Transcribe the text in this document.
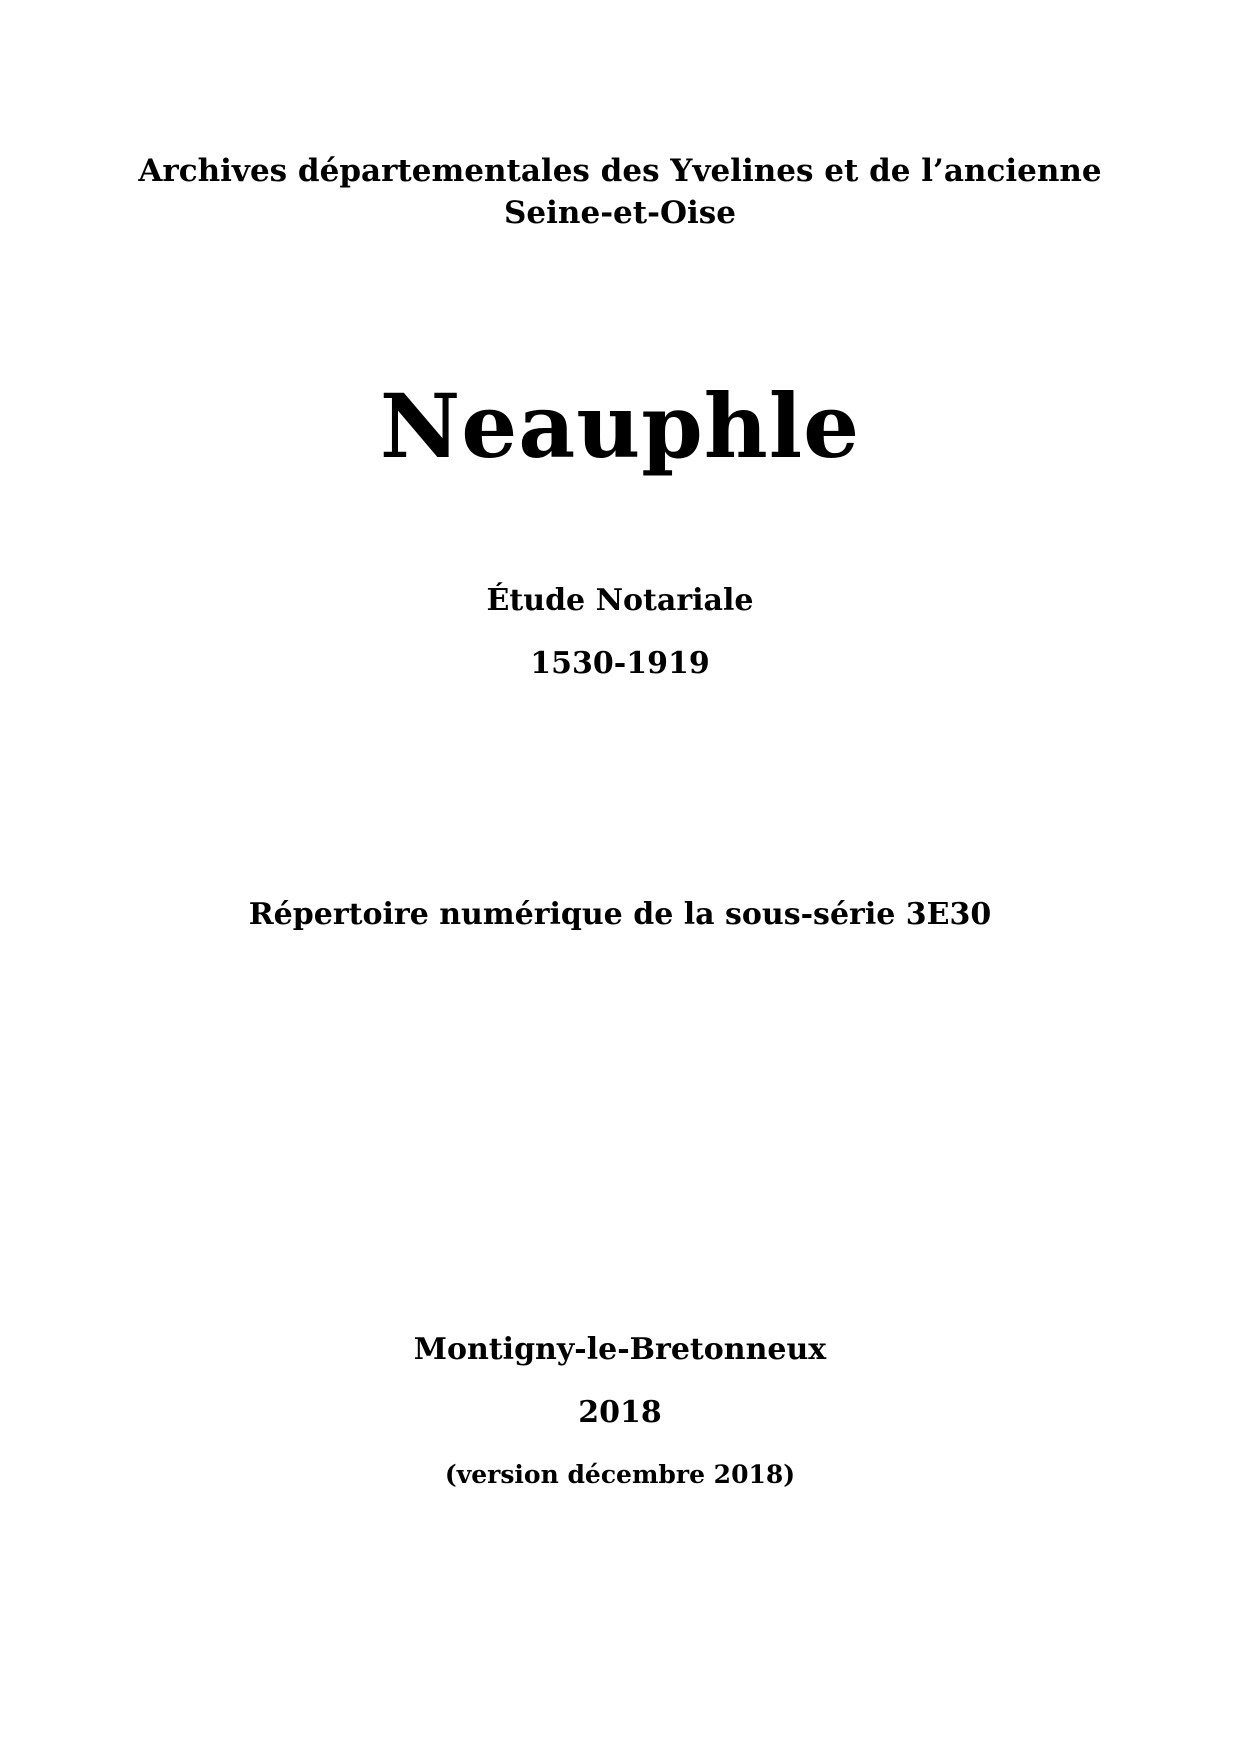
Archives départementales des Yvelines et de l’ancienne
Seine-et-Oise
Neauphle
Étude Notariale
1530-1919
Répertoire numérique de la sous-série 3E30
Montigny-le-Bretonneux
2018
(version décembre 2018)
